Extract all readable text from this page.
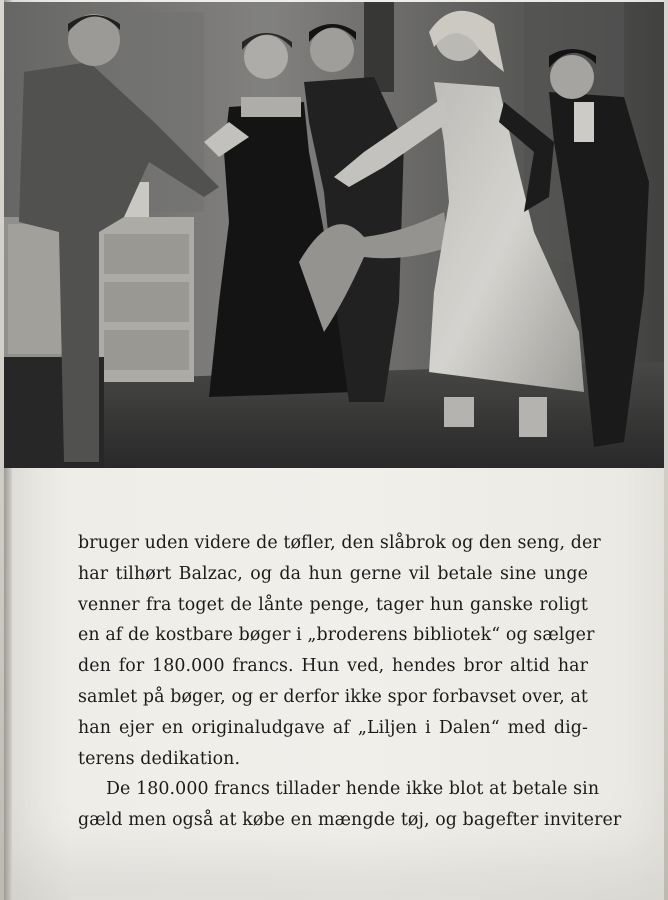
bruger uden videre de tøfler, den slåbrok og den seng, der
har tilhørt Balzac, og da hun gerne vil betale sine unge
venner fra toget de lånte penge, tager hun ganske roligt
en af de kostbare bøger i „broderens bibliotek“ og sælger
den for 180.000 francs. Hun ved, hendes bror altid har
samlet på bøger, og er derfor ikke spor forbavset over, at
han ejer en originaludgave af „Liljen i Dalen“ med dig-
terens dedikation.
De 180.000 francs tillader hende ikke blot at betale sin
gæld men også at købe en mængde tøj, og bagefter inviterer
